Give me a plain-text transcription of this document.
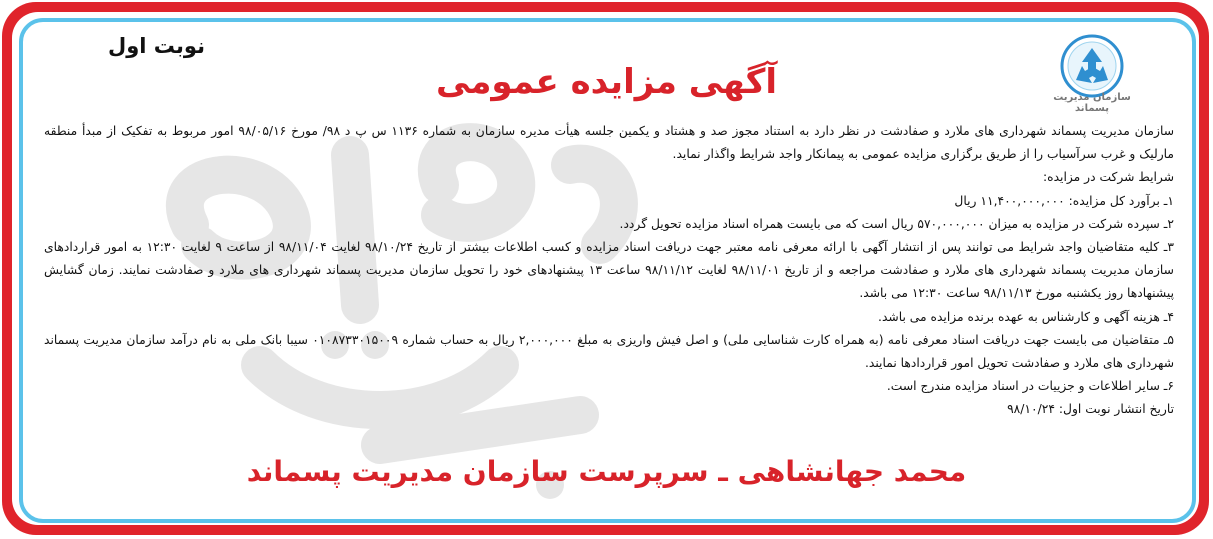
سازمان مدیریت پسماند
نوبت اول
آگهی مزایده عمومی

سازمان مدیریت پسماند شهرداری های ملارد و صفادشت در نظر دارد به استناد مجوز صد و هشتاد و یکمین جلسه هیأت مدیره سازمان به شماره ۱۱۳۶ س پ د ۹۸/ مورخ ۹۸/۰۵/۱۶ امور مربوط به تفکیک از مبدأ منطقه مارلیک و غرب سرآسیاب را از طریق برگزاری مزایده عمومی به پیمانکار واجد شرایط واگذار نماید.

شرایط شرکت در مزایده:

۱ـ برآورد کل مزایده: ۱۱,۴۰۰,۰۰۰,۰۰۰ ریال

۲ـ سپرده شرکت در مزایده به میزان ۵۷۰,۰۰۰,۰۰۰ ریال است که می بایست همراه اسناد مزایده تحویل گردد.

۳ـ کلیه متقاضیان واجد شرایط می توانند پس از انتشار آگهی با ارائه معرفی نامه معتبر جهت دریافت اسناد مزایده و کسب اطلاعات بیشتر از تاریخ ۹۸/۱۰/۲۴ لغایت ۹۸/۱۱/۰۴ از ساعت ۹ لغایت ۱۲:۳۰ به امور قراردادهای سازمان مدیریت پسماند شهرداری های ملارد و صفادشت مراجعه و از تاریخ ۹۸/۱۱/۰۱ لغایت ۹۸/۱۱/۱۲ ساعت ۱۳ پیشنهادهای خود را تحویل سازمان مدیریت پسماند شهرداری های ملارد و صفادشت نمایند. زمان گشایش پیشنهادها روز یکشنبه مورخ ۹۸/۱۱/۱۳ ساعت ۱۲:۳۰ می باشد.

۴ـ هزینه آگهی و کارشناس به عهده برنده مزایده می باشد.

۵ـ متقاضیان می بایست جهت دریافت اسناد معرفی نامه (به همراه کارت شناسایی ملی) و اصل فیش واریزی به مبلغ ۲,۰۰۰,۰۰۰ ریال به حساب شماره ۰۱۰۸۷۳۳۰۱۵۰۰۹ سیبا بانک ملی به نام درآمد سازمان مدیریت پسماند شهرداری های ملارد و صفادشت تحویل امور قراردادها نمایند.

۶ـ سایر اطلاعات و جزییات در اسناد مزایده مندرج است.

تاریخ انتشار نوبت اول: ۹۸/۱۰/۲۴

محمد جهانشاهی ـ سرپرست سازمان مدیریت پسماند
